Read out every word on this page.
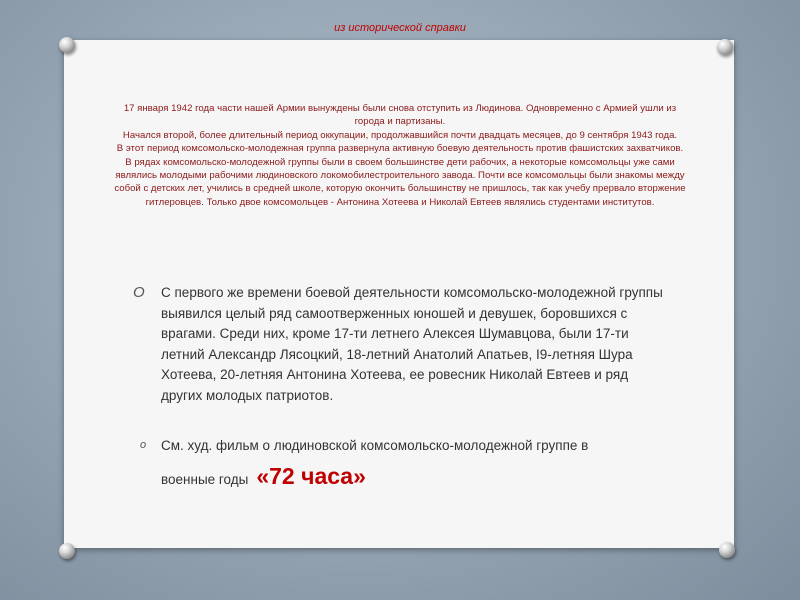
из исторической справки

17 января 1942 года части нашей Армии вынуждены были снова отступить из Людинова. Одновременно с Армией ушли из города и партизаны.

Начался второй, более длительный период оккупации, продолжавшийся почти двадцать месяцев, до 9 сентября 1943 года.

В этот период комсомольско-молодежная группа развернула активную боевую деятельность против фашистских захватчиков.

В рядах комсомольско-молодежной группы были в своем большинстве дети рабочих, а некоторые комсомольцы уже сами являлись молодыми рабочими людиновского локомобилестроительного завода. Почти все комсомольцы были знакомы между собой с детских лет, учились в средней школе, которую окончить большинству не пришлось, так как учебу прервало вторжение гитлеровцев. Только двое комсомольцев - Антонина Хотеева и Николай Евтеев являлись студентами институтов.

O С первого же времени боевой деятельности комсомольско-молодежной группы выявился целый ряд самоотверженных юношей и девушек, боровшихся с врагами. Среди них, кроме 17-ти летнего Алексея Шумавцова, были 17-ти летний Александр Лясоцкий, 18-летний Анатолий Апатьев, I9-летняя Шура Хотеева, 20-летняя Антонина Хотеева, ее ровесник Николай Евтеев и ряд других молодых патриотов.
o См. худ. фильм о людиновской комсомольско-молодежной группе в
военные годы «72 часа»
